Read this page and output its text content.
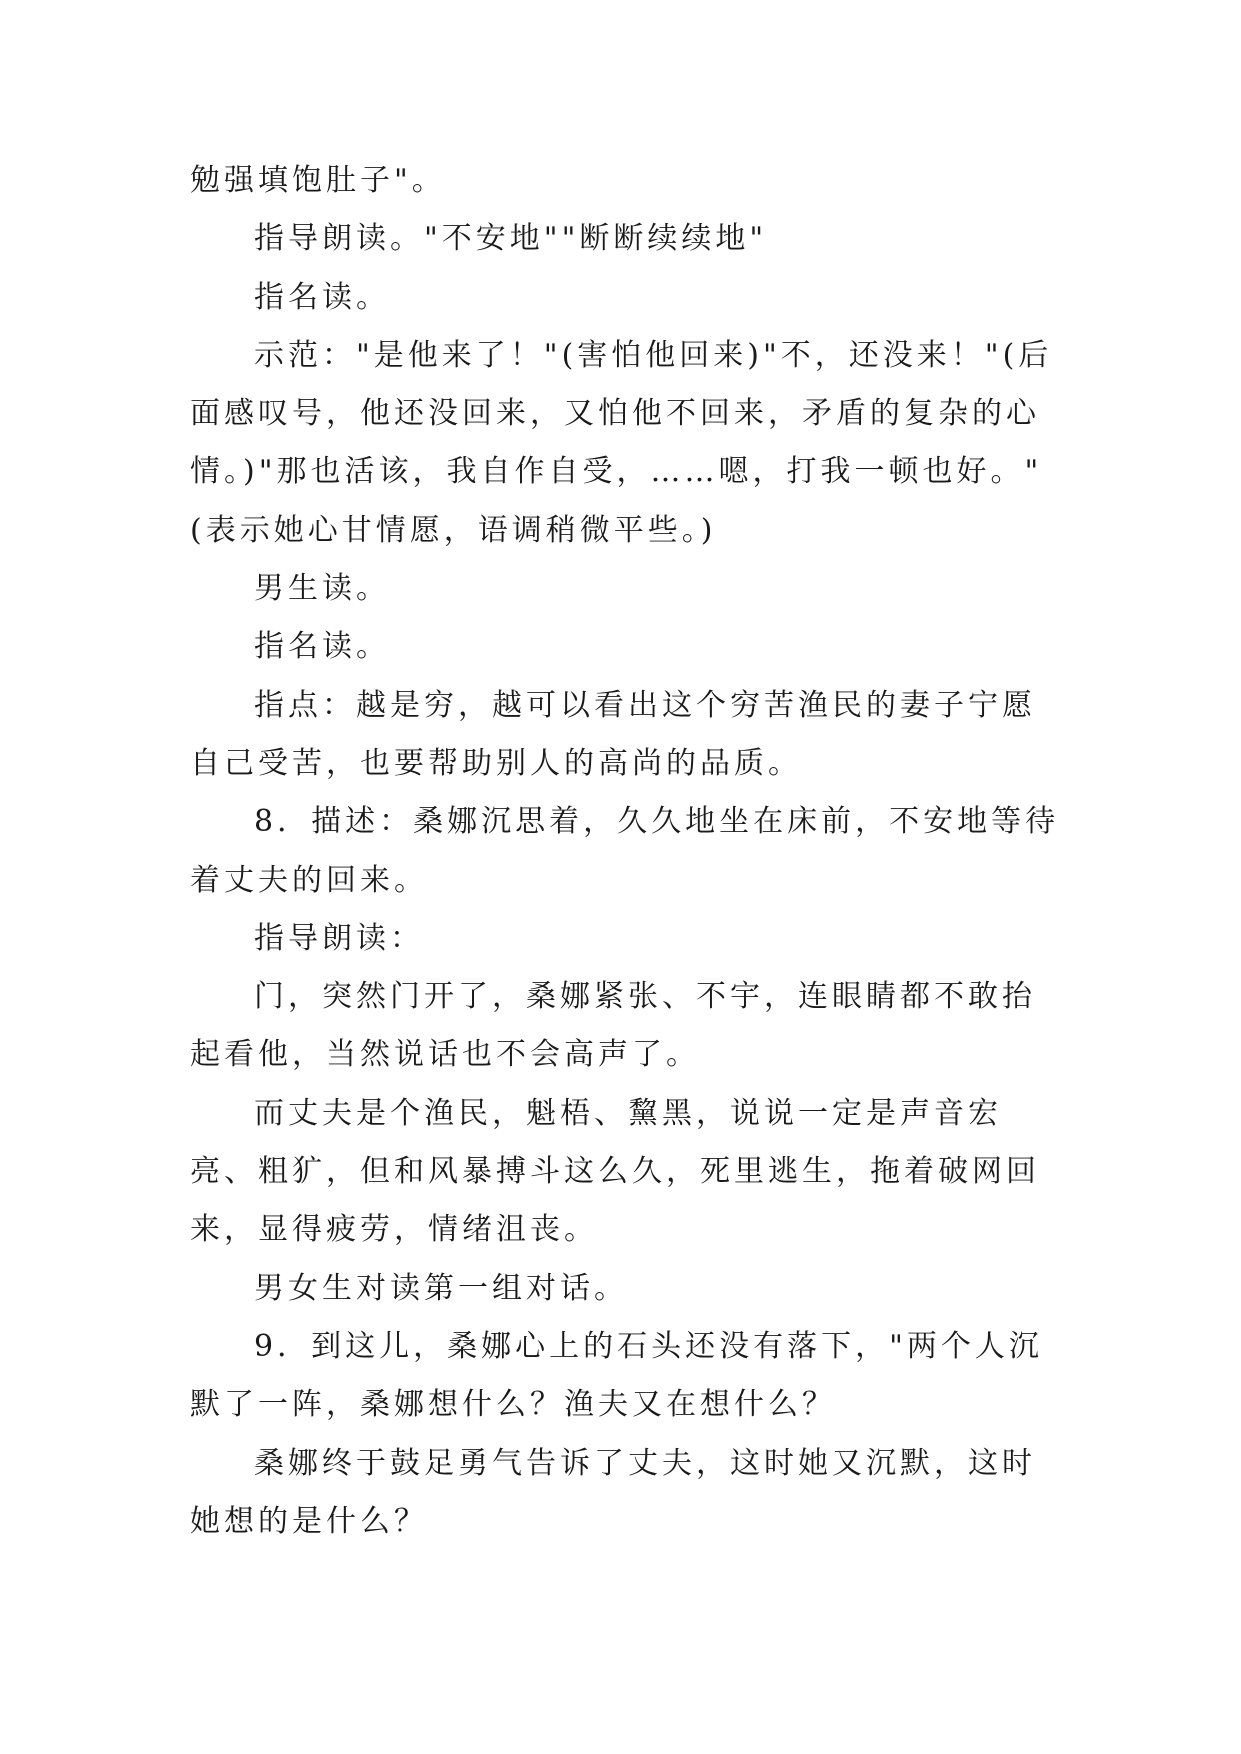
勉强填饱肚子"。

指导朗读。"不安地""断断续续地"

指名读。

示范："是他来了！"(害怕他回来)"不，还没来！"(后面感叹号，他还没回来，又怕他不回来，矛盾的复杂的心情。)"那也活该，我自作自受，……嗯，打我一顿也好。"(表示她心甘情愿，语调稍微平些。)

男生读。

指名读。

指点：越是穷，越可以看出这个穷苦渔民的妻子宁愿自己受苦，也要帮助别人的高尚的品质。

8．描述：桑娜沉思着，久久地坐在床前，不安地等待着丈夫的回来。

指导朗读：

门，突然门开了，桑娜紧张、不宇，连眼睛都不敢抬起看他，当然说话也不会高声了。

而丈夫是个渔民，魁梧、黧黑，说说一定是声音宏亮、粗犷，但和风暴搏斗这么久，死里逃生，拖着破网回来，显得疲劳，情绪沮丧。

男女生对读第一组对话。

9．到这儿，桑娜心上的石头还没有落下，"两个人沉默了一阵，桑娜想什么？渔夫又在想什么？

桑娜终于鼓足勇气告诉了丈夫，这时她又沉默，这时她想的是什么？
